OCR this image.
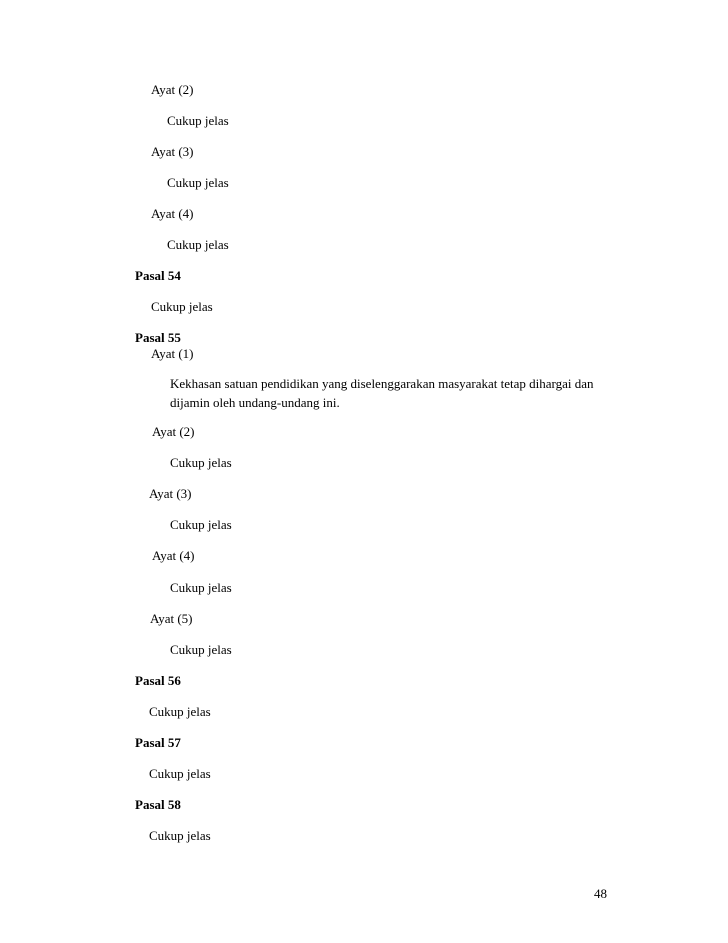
Ayat (2)
Cukup jelas
Ayat (3)
Cukup jelas
Ayat (4)
Cukup jelas
Pasal 54
Cukup jelas
Pasal 55
Ayat (1)
Kekhasan satuan pendidikan yang diselenggarakan masyarakat tetap dihargai dan dijamin oleh undang-undang ini.
Ayat (2)
Cukup jelas
Ayat (3)
Cukup jelas
Ayat (4)
Cukup jelas
Ayat (5)
Cukup jelas
Pasal 56
Cukup jelas
Pasal 57
Cukup jelas
Pasal 58
Cukup jelas
48
